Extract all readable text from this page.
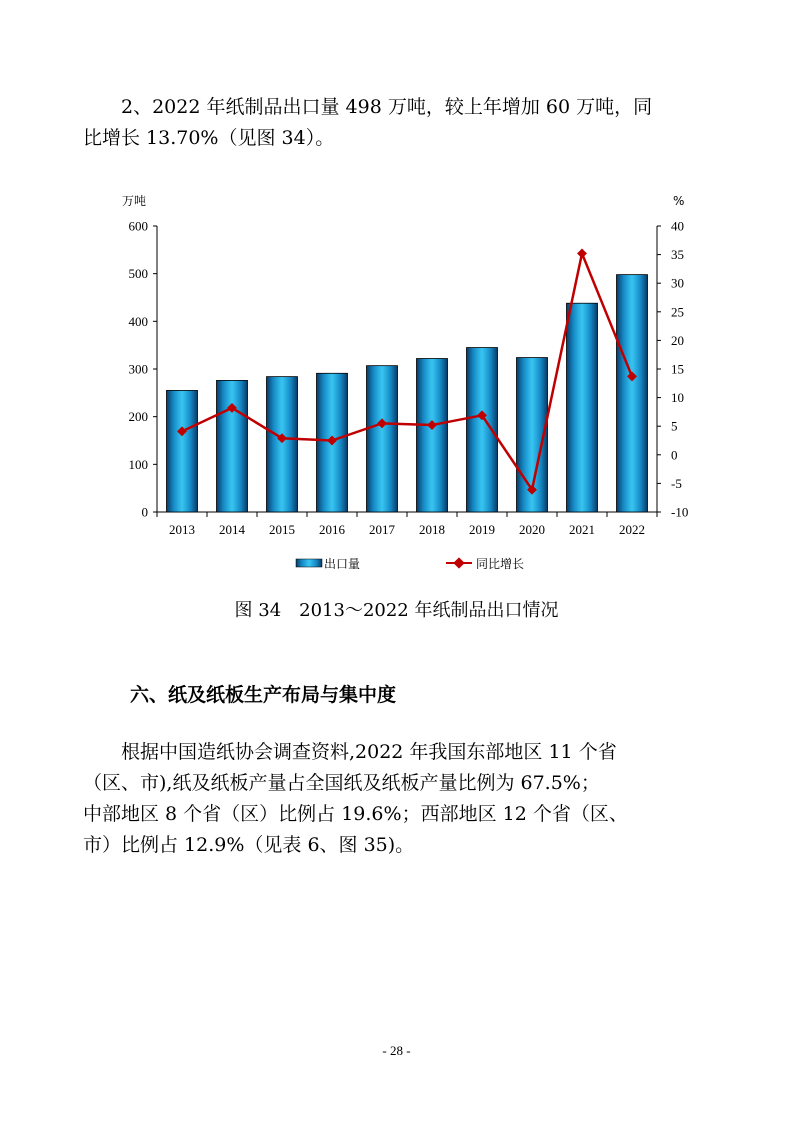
　　2、2022 年纸制品出口量 498 万吨，较上年增加 60 万吨，同
比增长 13.70%（见图 34）。
万吨	%
2013 2014 2015 2016 2017 2018 2019 2020 2021 2022
0
100
200
300
400
500
600
-10
-5
0
5
10
15
20
25
30
35
40
出口量	同比增长
图 34　2013～2022 年纸制品出口情况
六、纸及纸板生产布局与集中度
　　根据中国造纸协会调查资料,2022 年我国东部地区 11 个省
（区、市),纸及纸板产量占全国纸及纸板产量比例为 67.5%；
中部地区 8 个省（区）比例占 19.6%；西部地区 12 个省（区、
市）比例占 12.9%（见表 6、图 35)。
- 28 -
